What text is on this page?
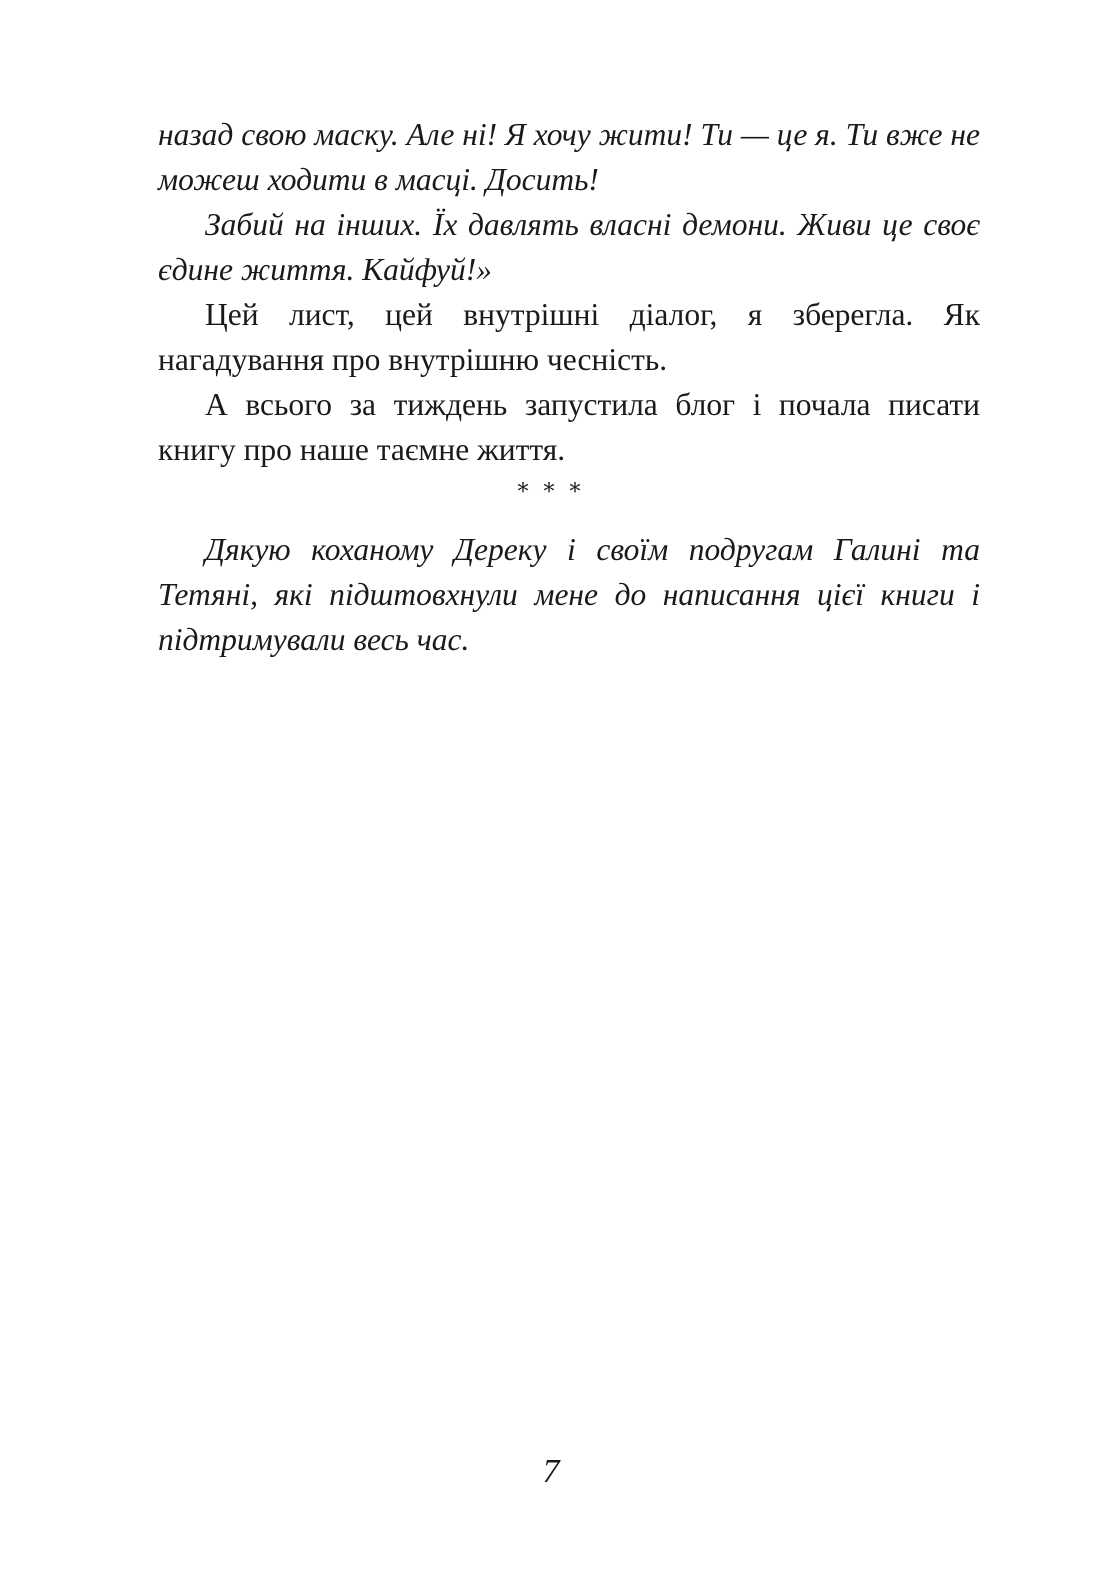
назад свою маску. Але ні! Я хочу жити! Ти — це я. Ти вже не можеш ходити в масці. Досить!

Забий на інших. Їх давлять власні демони. Живи це своє єдине життя. Кайфуй!»

Цей лист, цей внутрішні діалог, я зберегла. Як нагадування про внутрішню чесність.

А всього за тиждень запустила блог і почала писати книгу про наше таємне життя.

* * *

Дякую коханому Дереку і своїм подругам Галині та Тетяні, які підштовхнули мене до написання цієї книги і підтримували весь час.

7
